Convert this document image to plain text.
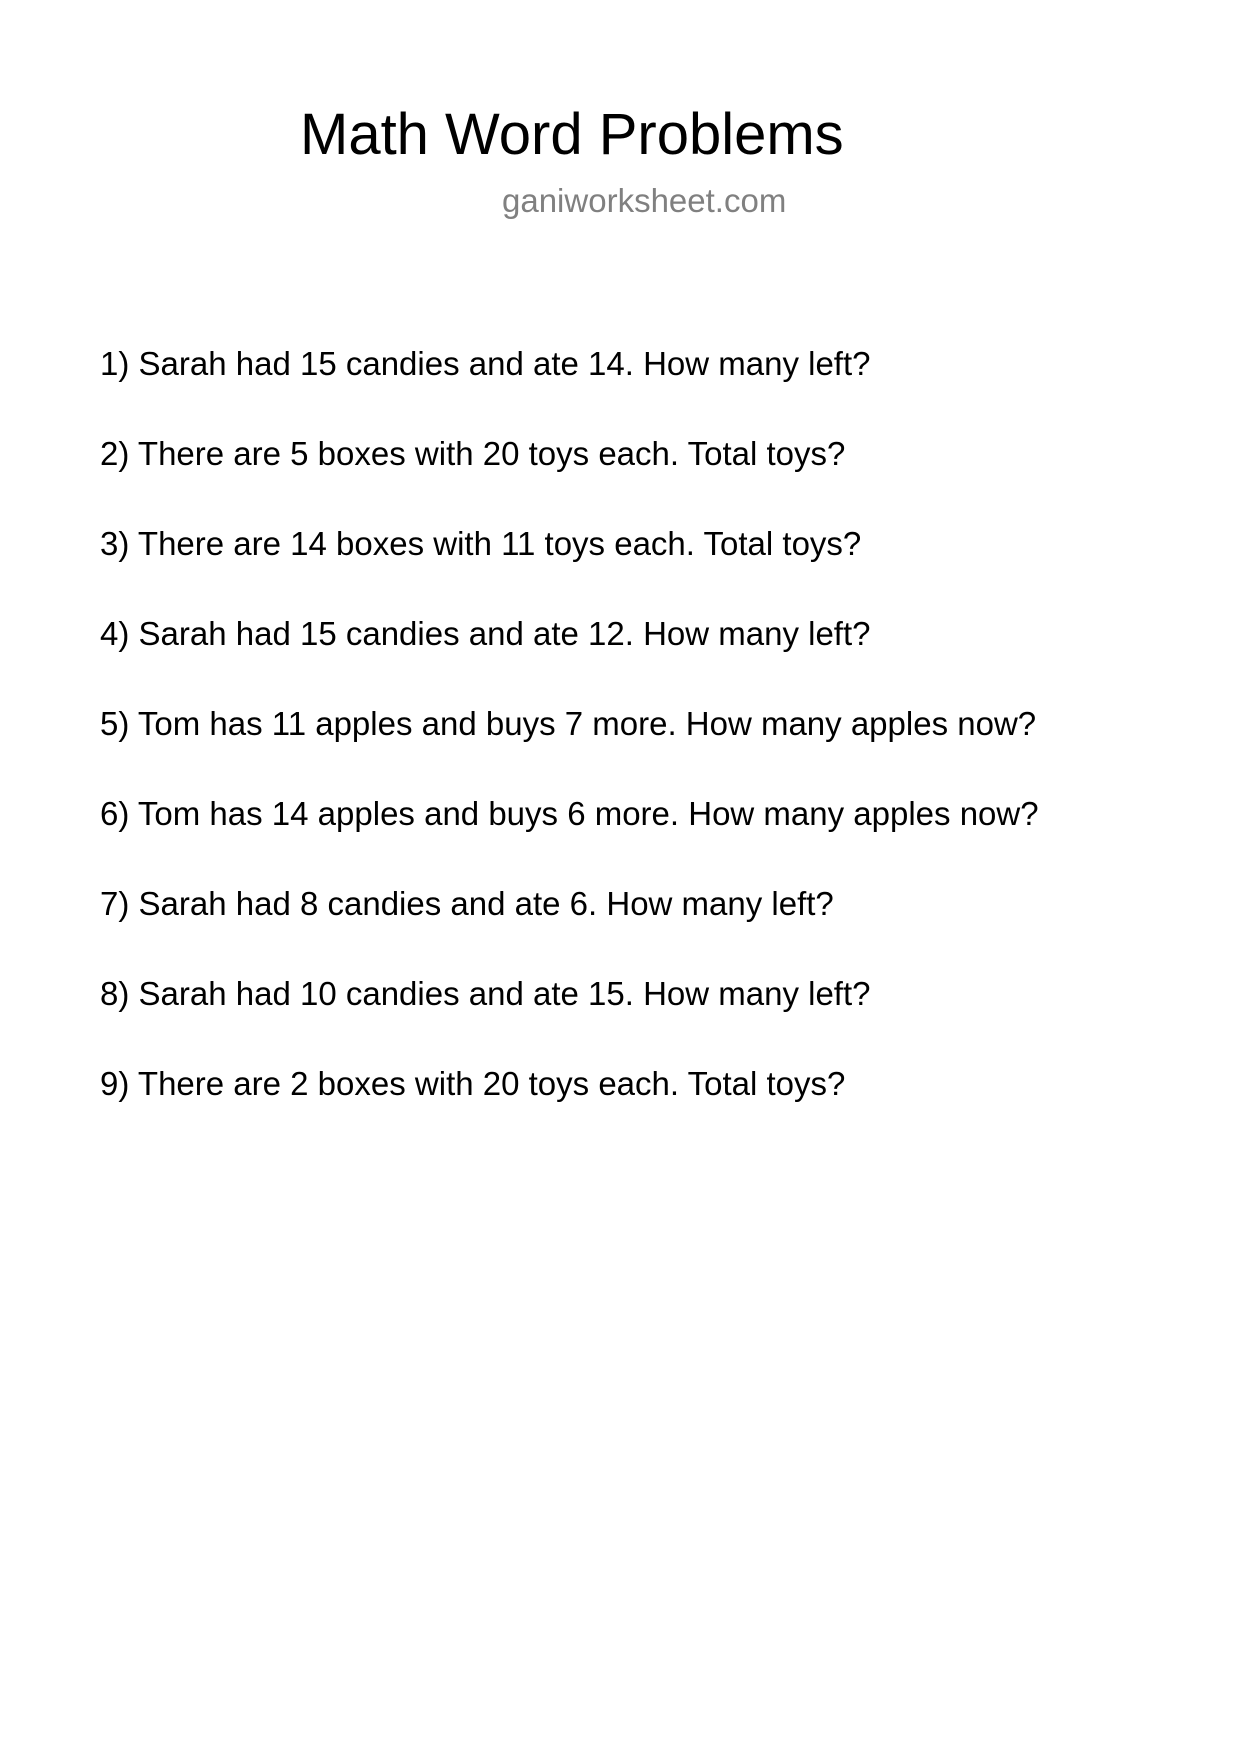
Math Word Problems
ganiworksheet.com
1) Sarah had 15 candies and ate 14. How many left?
2) There are 5 boxes with 20 toys each. Total toys?
3) There are 14 boxes with 11 toys each. Total toys?
4) Sarah had 15 candies and ate 12. How many left?
5) Tom has 11 apples and buys 7 more. How many apples now?
6) Tom has 14 apples and buys 6 more. How many apples now?
7) Sarah had 8 candies and ate 6. How many left?
8) Sarah had 10 candies and ate 15. How many left?
9) There are 2 boxes with 20 toys each. Total toys?
